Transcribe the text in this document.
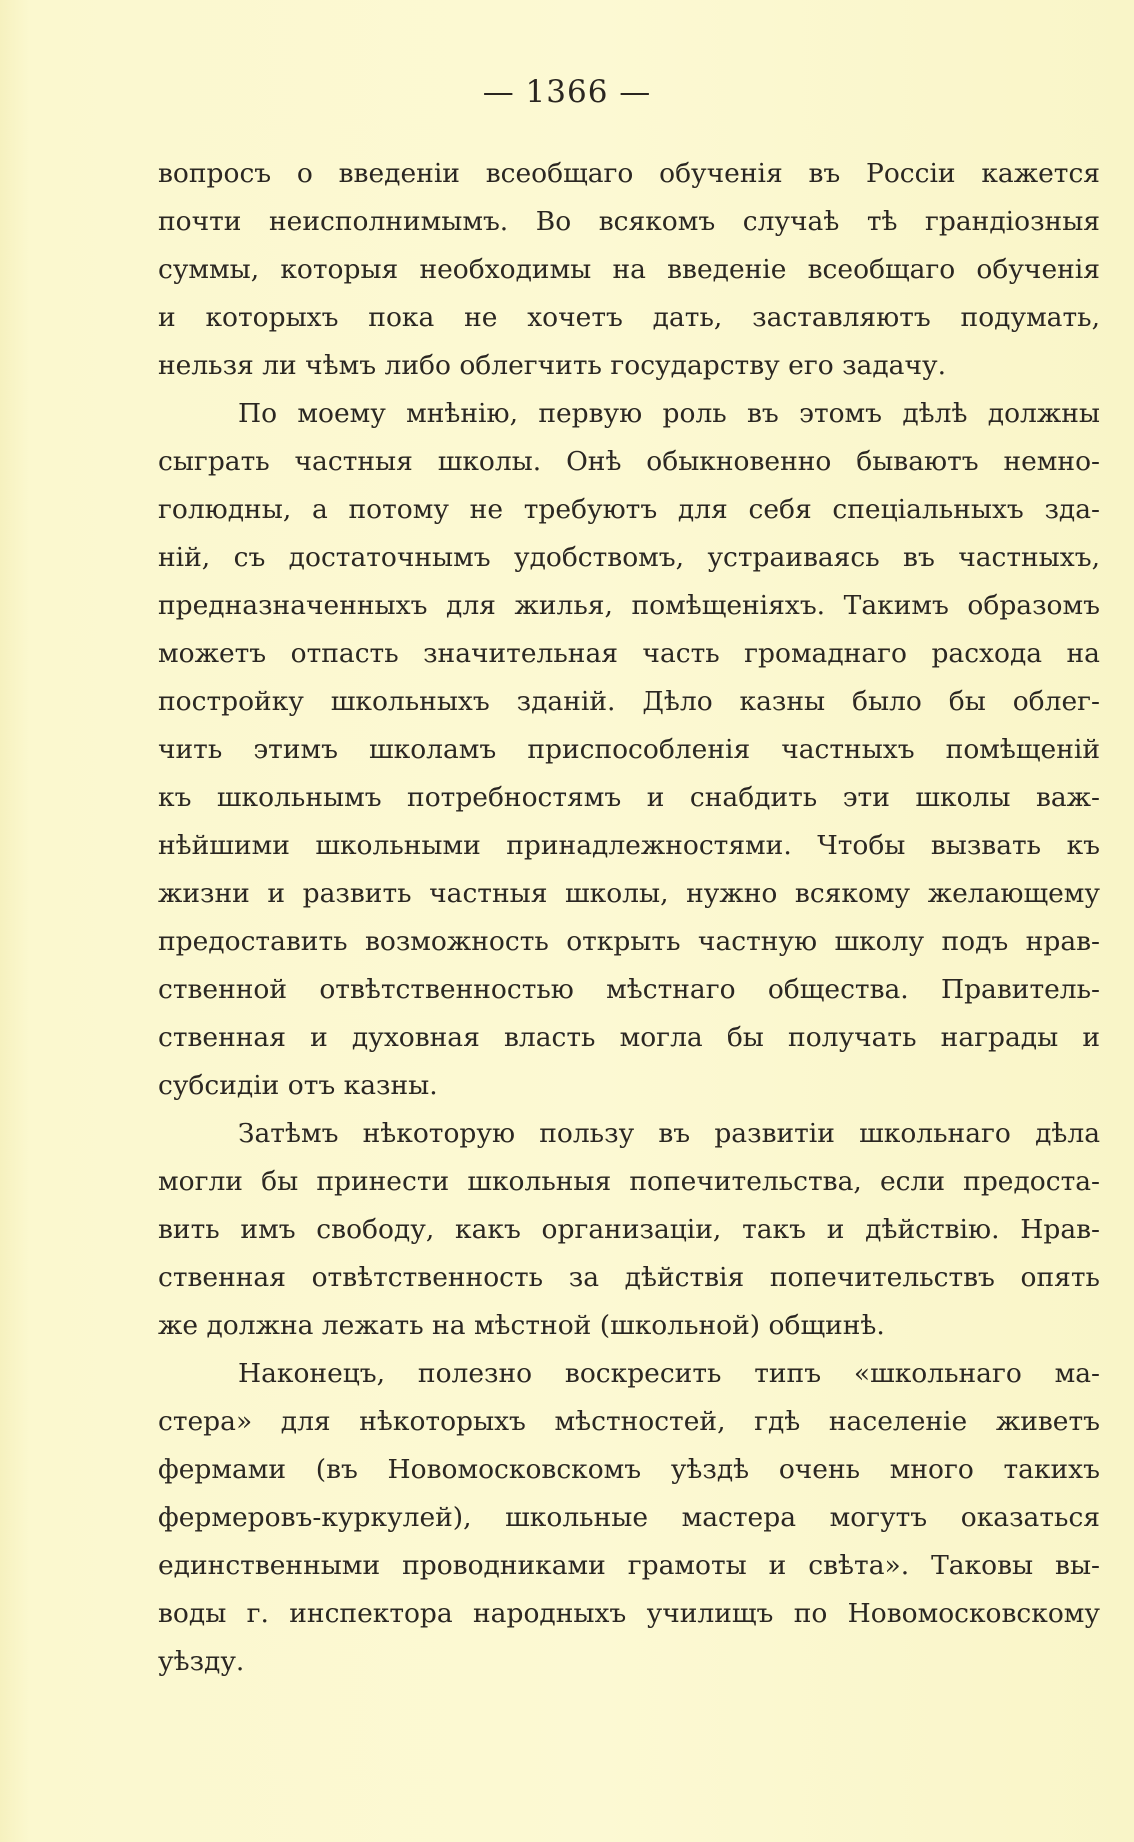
— 1366 —
вопросъ о введеніи всеобщаго обученія въ Россіи кажется
почти неисполнимымъ. Во всякомъ случаѣ тѣ грандіозныя
суммы, которыя необходимы на введеніе всеобщаго обученія
и которыхъ пока не хочетъ дать, заставляютъ подумать,
нельзя ли чѣмъ либо облегчить государству его задачу.
По моему мнѣнію, первую роль въ этомъ дѣлѣ должны
сыграть частныя школы. Онѣ обыкновенно бываютъ немно-
голюдны, а потому не требуютъ для себя спеціальныхъ зда-
ній, съ достаточнымъ удобствомъ, устраиваясь въ частныхъ,
предназначенныхъ для жилья, помѣщеніяхъ. Такимъ образомъ
можетъ отпасть значительная часть громаднаго расхода на
постройку школьныхъ зданій. Дѣло казны было бы облег-
чить этимъ школамъ приспособленія частныхъ помѣщеній
къ школьнымъ потребностямъ и снабдить эти школы важ-
нѣйшими школьными принадлежностями. Чтобы вызвать къ
жизни и развить частныя школы, нужно всякому желающему
предоставить возможность открыть частную школу подъ нрав-
ственной отвѣтственностью мѣстнаго общества. Правитель-
ственная и духовная власть могла бы получать награды и
субсидіи отъ казны.
Затѣмъ нѣкоторую пользу въ развитіи школьнаго дѣла
могли бы принести школьныя попечительства, если предоста-
вить имъ свободу, какъ организаціи, такъ и дѣйствію. Нрав-
ственная отвѣтственность за дѣйствія попечительствъ опять
же должна лежать на мѣстной (школьной) общинѣ.
Наконецъ, полезно воскресить типъ «школьнаго ма-
стера» для нѣкоторыхъ мѣстностей, гдѣ населеніе живетъ
фермами (въ Новомосковскомъ уѣздѣ очень много такихъ
фермеровъ-куркулей), школьные мастера могутъ оказаться
единственными проводниками грамоты и свѣта». Таковы вы-
воды г. инспектора народныхъ училищъ по Новомосковскому
уѣзду.
